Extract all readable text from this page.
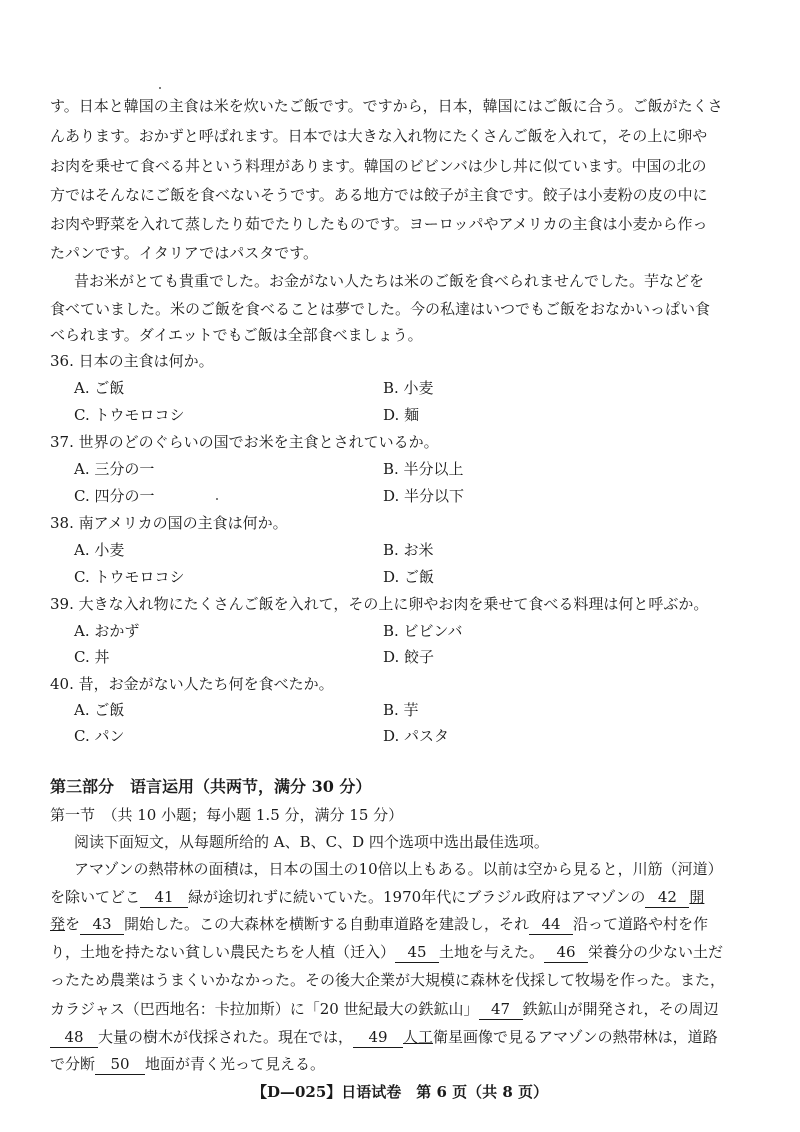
す。日本と韓国の主食は米を炊いたご飯です。ですから，日本，韓国にはご飯に合う。ご飯がたくさ
んあります。おかずと呼ばれます。日本では大きな入れ物にたくさんご飯を入れて，その上に卵や
お肉を乗せて食べる丼という料理があります。韓国のビビンバは少し丼に似ています。中国の北の
方ではそんなにご飯を食べないそうです。ある地方では餃子が主食です。餃子は小麦粉の皮の中に
お肉や野菜を入れて蒸したり茹でたりしたものです。ヨーロッパやアメリカの主食は小麦から作っ
たパンです。イタリアではパスタです。
昔お米がとても貴重でした。お金がない人たちは米のご飯を食べられませんでした。芋などを
食べていました。米のご飯を食べることは夢でした。今の私達はいつでもご飯をおなかいっぱい食
べられます。ダイエットでもご飯は全部食べましょう。
36. 日本の主食は何か。
A. ご飯	B. 小麦
C. トウモロコシ	D. 麺
37. 世界のどのぐらいの国でお米を主食とされているか。
A. 三分の一	B. 半分以上
C. 四分の一	D. 半分以下
38. 南アメリカの国の主食は何か。
A. 小麦	B. お米
C. トウモロコシ	D. ご飯
39. 大きな入れ物にたくさんご飯を入れて，その上に卵やお肉を乗せて食べる料理は何と呼ぶか。
A. おかず	B. ビビンバ
C. 丼	D. 餃子
40. 昔，お金がない人たち何を食べたか。
A. ご飯	B. 芋
C. パン	D. パスタ
第三部分　语言运用（共两节，满分 30 分）
第一节　（共 10 小题；每小题 1.5 分，满分 15 分）
阅读下面短文，从每题所给的 A、B、C、D 四个选项中选出最佳选项。
アマゾンの熱帯林の面積は，日本の国土の10倍以上もある。以前は空から見ると，川筋（河道）
を除いてどこ 41 緑が途切れずに続いていた。1970年代にブラジル政府はアマゾンの 42 開
発を 43 開始した。この大森林を横断する自動車道路を建設し，それ 44 沿って道路や村を作
り，土地を持たない貧しい農民たちを人植（迁入） 45 土地を与えた。 46 栄養分の少ない土だ
ったため農業はうまくいかなかった。その後大企業が大規模に森林を伐採して牧場を作った。また，
カラジャス（巴西地名：卡拉加斯）に「20 世紀最大の鉄鉱山」 47 鉄鉱山が開発され，その周辺
48 大量の樹木が伐採された。現在では， 49 人工衛星画像で見るアマゾンの熱帯林は，道路
で分断 50 地面が青く光って見える。
【D—025】日语试卷　第 6 页（共 8 页）
